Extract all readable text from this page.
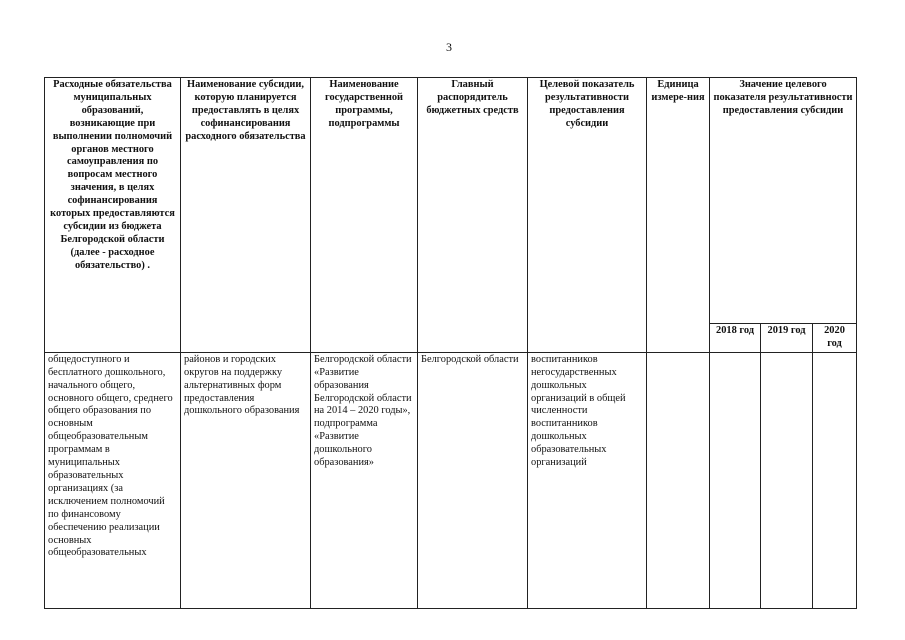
3
Расходные обязательства муниципальных образований, возникающие при выполнении полномочий органов местного самоуправления по вопросам местного значения, в целях софинансирования которых предоставляются субсидии из бюджета Белгородской области (далее - расходное обязательство) .	Наименование субсидии, которую планируется предоставлять в целях софинансирования расходного обязательства	Наименование государственной программы, подпрограммы	Главный распорядитель бюджетных средств	Целевой показатель результативности предоставления субсидии	Единица измере-ния	Значение целевого показателя результативности предоставления субсидии		
						2018 год	2019 год	2020 год
общедоступного и бесплатного дошкольного, начального общего, основного общего, среднего общего образования по основным общеобразовательным программам в муниципальных образовательных организациях (за исключением полномочий по финансовому обеспечению реализации основных общеобразовательных	районов и городских округов на поддержку альтернативных форм предоставления дошкольного образования	Белгородской области «Развитие образования Белгородской области на 2014 – 2020 годы», подпрограмма «Развитие дошкольного образования»	Белгородской области	воспитанников негосударственных дошкольных организаций в общей численности воспитанников дошкольных образовательных организаций				
